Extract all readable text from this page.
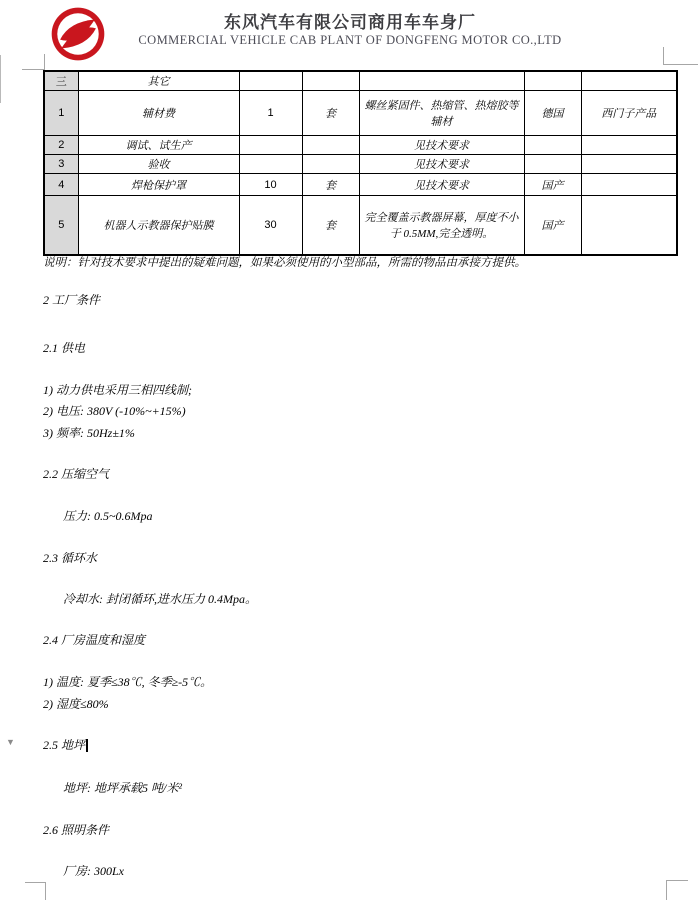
东风汽车有限公司商用车车身厂
COMMERCIAL VEHICLE CAB PLANT OF DONGFENG MOTOR CO.,LTD
三	其它					
1	辅材费	1	套	螺丝紧固件、热缩管、热熔胶等辅材	德国	西门子产品
2	调试、试生产			见技术要求		
3	验收			见技术要求		
4	焊枪保护罩	10	套	见技术要求	国产	
5	机器人示教器保护贴膜	30	套	完全覆盖示教器屏幕，厚度不小于 0.5MM,完全透明。	国产	
说明：针对技术要求中提出的疑难问题，如果必须使用的小型部品，所需的物品由承接方提供。
2 工厂条件
2.1 供电
1) 动力供电采用三相四线制;
2) 电压: 380V (-10%~+15%)
3) 频率: 50Hz±1%
2.2 压缩空气
压力: 0.5~0.6Mpa
2.3 循环水
冷却水: 封闭循环,进水压力 0.4Mpa。
2.4 厂房温度和湿度
1) 温度: 夏季≤38℃, 冬季≥-5℃。
2) 湿度≤80%
▼ 2.5 地坪
地坪: 地坪承载5 吨/米²
2.6 照明条件
厂房: 300Lx
